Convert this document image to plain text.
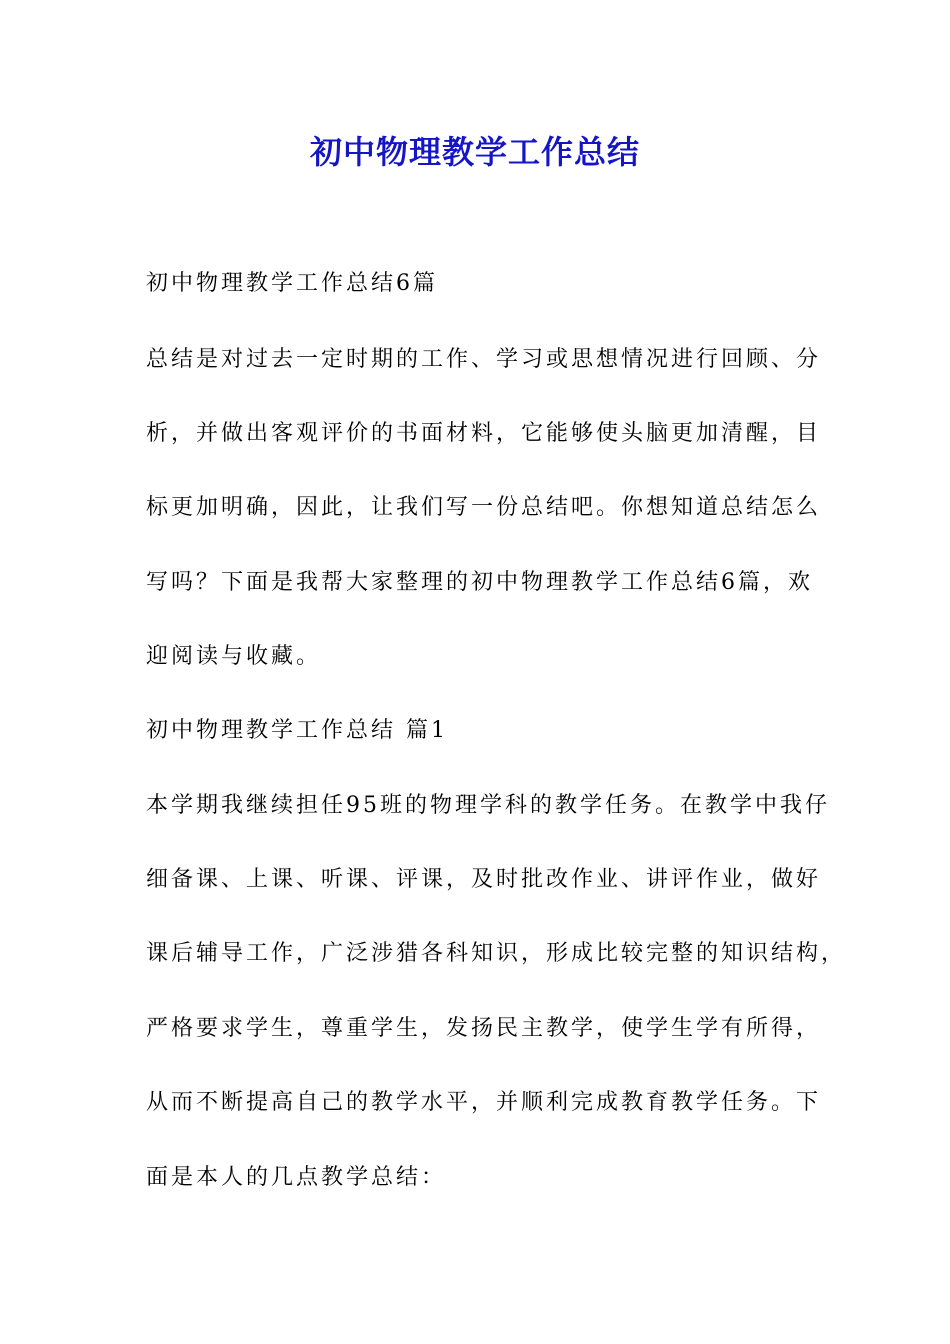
初中物理教学工作总结
初中物理教学工作总结6篇
总结是对过去一定时期的工作、学习或思想情况进行回顾、分
析，并做出客观评价的书面材料，它能够使头脑更加清醒，目
标更加明确，因此，让我们写一份总结吧。你想知道总结怎么
写吗？下面是我帮大家整理的初中物理教学工作总结6篇，欢
迎阅读与收藏。
初中物理教学工作总结 篇1
本学期我继续担任95班的物理学科的教学任务。在教学中我仔
细备课、上课、听课、评课，及时批改作业、讲评作业，做好
课后辅导工作，广泛涉猎各科知识，形成比较完整的知识结构，
严格要求学生，尊重学生，发扬民主教学，使学生学有所得，
从而不断提高自己的教学水平，并顺利完成教育教学任务。下
面是本人的几点教学总结：
